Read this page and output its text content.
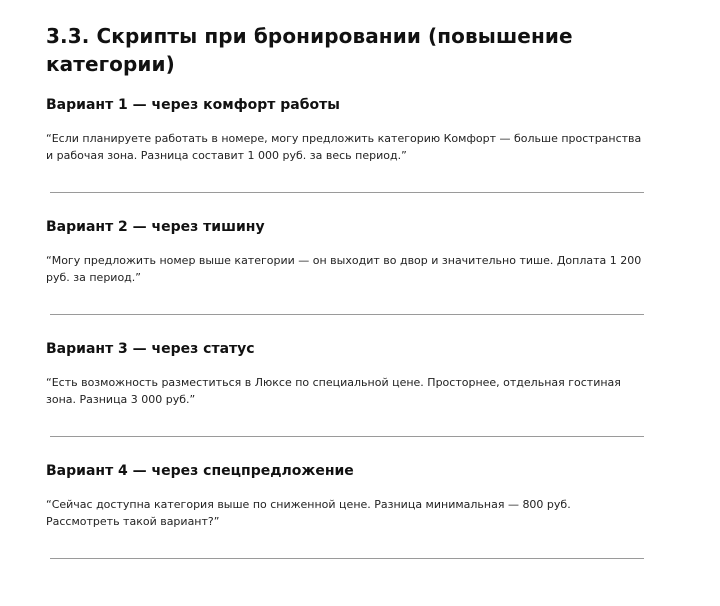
3.3. Скрипты при бронировании (повышение категории)
Вариант 1 — через комфорт работы

“Если планируете работать в номере, могу предложить категорию Комфорт — больше пространства и рабочая зона. Разница составит 1 000 руб. за весь период.”

Вариант 2 — через тишину

“Могу предложить номер выше категории — он выходит во двор и значительно тише. Доплата 1 200 руб. за период.”

Вариант 3 — через статус

“Есть возможность разместиться в Люксе по специальной цене. Просторнее, отдельная гостиная зона. Разница 3 000 руб.”

Вариант 4 — через спецпредложение

“Сейчас доступна категория выше по сниженной цене. Разница минимальная — 800 руб. Рассмотреть такой вариант?”
